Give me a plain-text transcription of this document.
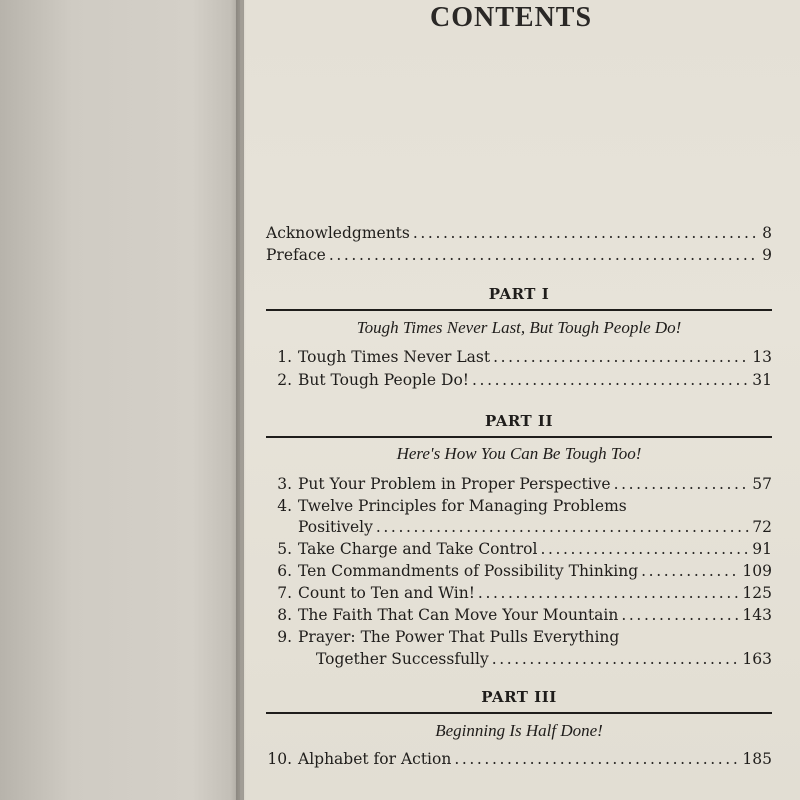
CONTENTS
Acknowledgments .....	8
Preface .....	9
PART I
Tough Times Never Last, But Tough People Do!
1. Tough Times Never Last .....	13
2. But Tough People Do! .....	31
PART II
Here's How You Can Be Tough Too!
3. Put Your Problem in Proper Perspective .....	57
4. Twelve Principles for Managing Problems
Positively .....	72
5. Take Charge and Take Control .....	91
6. Ten Commandments of Possibility Thinking .....	109
7. Count to Ten and Win! .....	125
8. The Faith That Can Move Your Mountain .....	143
9. Prayer: The Power That Pulls Everything
Together Successfully .....	163
PART III
Beginning Is Half Done!
10. Alphabet for Action .....	185
